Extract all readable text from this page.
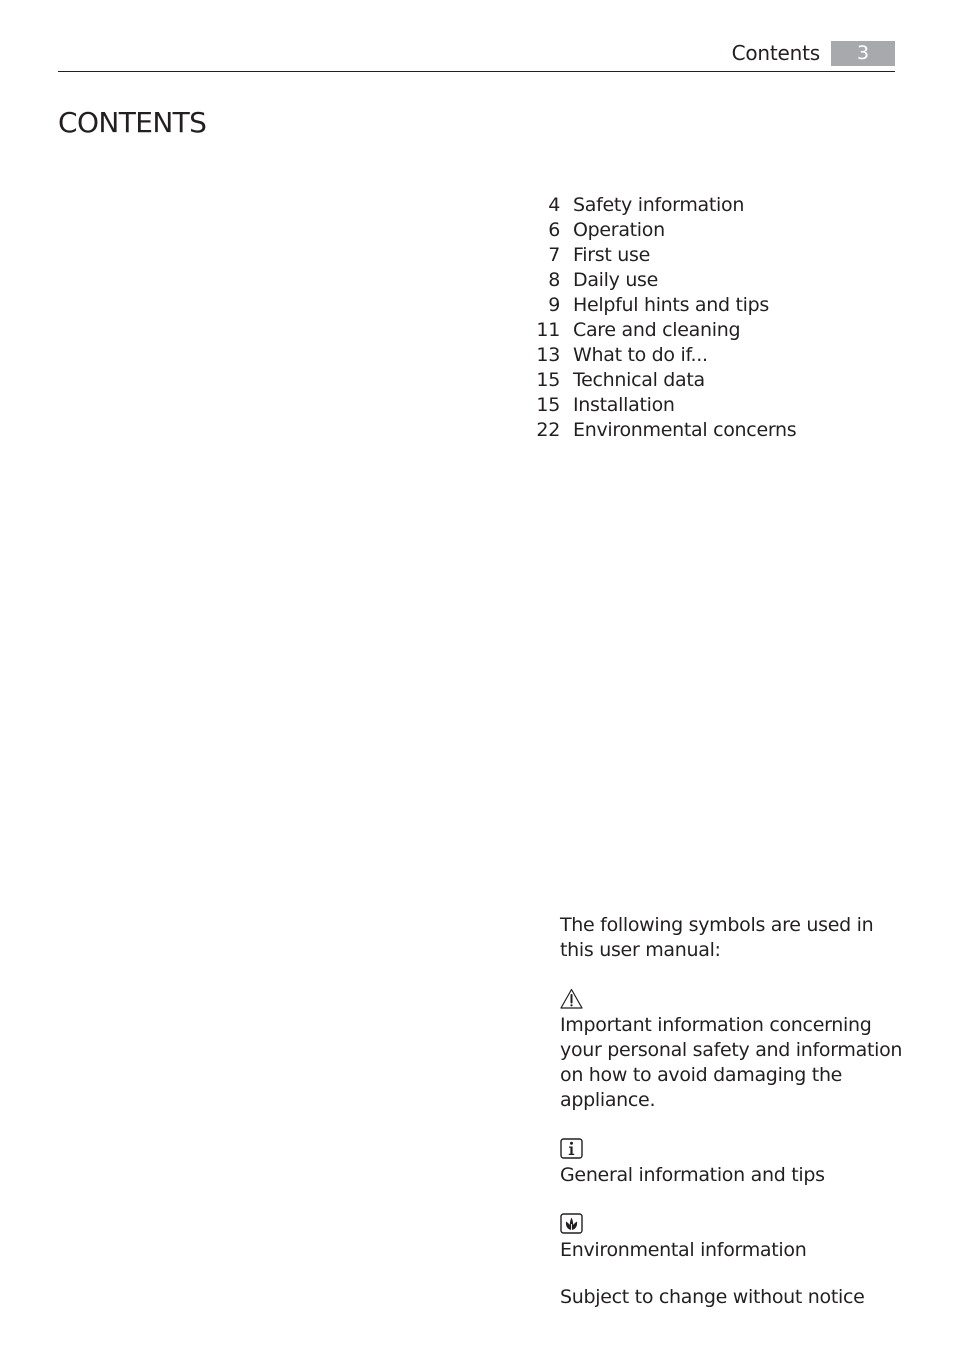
Contents	3
CONTENTS
4 Safety information
6 Operation
7 First use
8 Daily use
9 Helpful hints and tips
11 Care and cleaning
13 What to do if...
15 Technical data
15 Installation
22 Environmental concerns

The following symbols are used in this user manual:

Important information concerning your personal safety and information on how to avoid damaging the appliance.

General information and tips

Environmental information

Subject to change without notice
